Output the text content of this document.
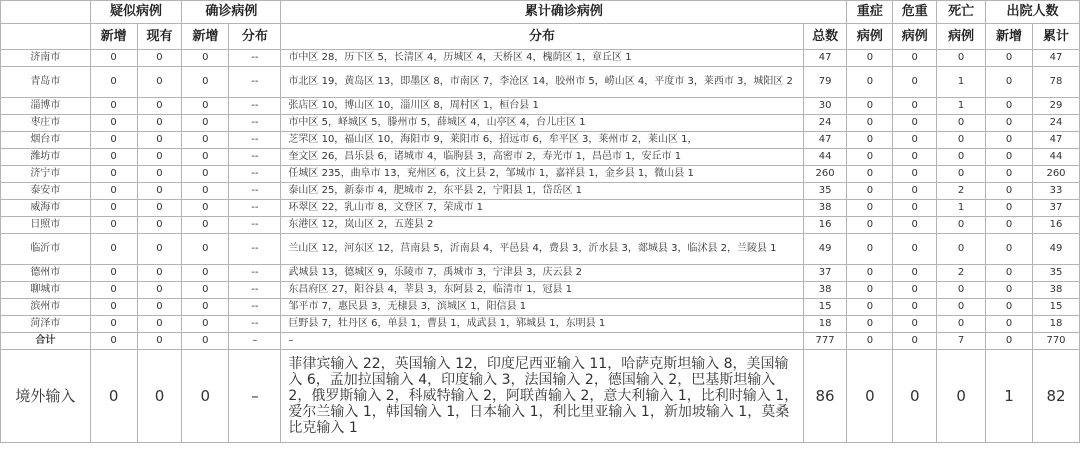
	疑似病例		确诊病例		累计确诊病例		重症	危重	死亡	出院人数	
	新增	现有	新增	分布	分布	总数	病例	病例	病例	新增	累计
济南市	0	0	0	--	市中区 28，历下区 5，长清区 4，历城区 4，天桥区 4，槐荫区 1，章丘区 1	47	0	0	0	0	47
青岛市	0	0	0	--	市北区 19，黄岛区 13，即墨区 8，市南区 7，李沧区 14，胶州市 5，崂山区 4，平度市 3，莱西市 3，城阳区 2	79	0	0	1	0	78
淄博市	0	0	0	--	张店区 10，博山区 10，淄川区 8，周村区 1，桓台县 1	30	0	0	1	0	29
枣庄市	0	0	0	--	市中区 5，峄城区 5，滕州市 5，薛城区 4，山亭区 4，台儿庄区 1	24	0	0	0	0	24
烟台市	0	0	0	--	芝罘区 10，福山区 10，海阳市 9，莱阳市 6，招远市 6，牟平区 3，莱州市 2，莱山区 1，	47	0	0	0	0	47
潍坊市	0	0	0	--	奎文区 26，昌乐县 6，诸城市 4，临朐县 3，高密市 2，寿光市 1，昌邑市 1，安丘市 1	44	0	0	0	0	44
济宁市	0	0	0	--	任城区 235，曲阜市 13，兖州区 6，汶上县 2，邹城市 1，嘉祥县 1，金乡县 1，微山县 1	260	0	0	0	0	260
泰安市	0	0	0	--	泰山区 25，新泰市 4，肥城市 2，东平县 2，宁阳县 1，岱岳区 1	35	0	0	2	0	33
威海市	0	0	0	--	环翠区 22，乳山市 8，文登区 7，荣成市 1	38	0	0	1	0	37
日照市	0	0	0	--	东港区 12，岚山区 2，五莲县 2	16	0	0	0	0	16
临沂市	0	0	0	--	兰山区 12，河东区 12，莒南县 5，沂南县 4，平邑县 4，费县 3，沂水县 3，郯城县 3，临沭县 2，兰陵县 1	49	0	0	0	0	49
德州市	0	0	0	--	武城县 13，德城区 9，乐陵市 7，禹城市 3，宁津县 3，庆云县 2	37	0	0	2	0	35
聊城市	0	0	0	--	东昌府区 27，阳谷县 4，莘县 3，东阿县 2，临清市 1，冠县 1	38	0	0	0	0	38
滨州市	0	0	0	--	邹平市 7，惠民县 3，无棣县 3，滨城区 1，阳信县 1	15	0	0	0	0	15
菏泽市	0	0	0	--	巨野县 7，牡丹区 6，单县 1，曹县 1，成武县 1，郓城县 1，东明县 1	18	0	0	0	0	18
合计	0	0	0	–	–	777	0	0	7	0	770
境外输入	0	0	0	–	菲律宾输入 22，英国输入 12，印度尼西亚输入 11，哈萨克斯坦输入 8，美国输入 6，孟加拉国输入 4，印度输入 3，法国输入 2，德国输入 2，巴基斯坦输入 2，俄罗斯输入 2，科威特输入 2，阿联酋输入 2，意大利输入 1，比利时输入 1，爱尔兰输入 1，韩国输入 1，日本输入 1，利比里亚输入 1，新加坡输入 1，莫桑比克输入 1	86	0	0	0	1	82
